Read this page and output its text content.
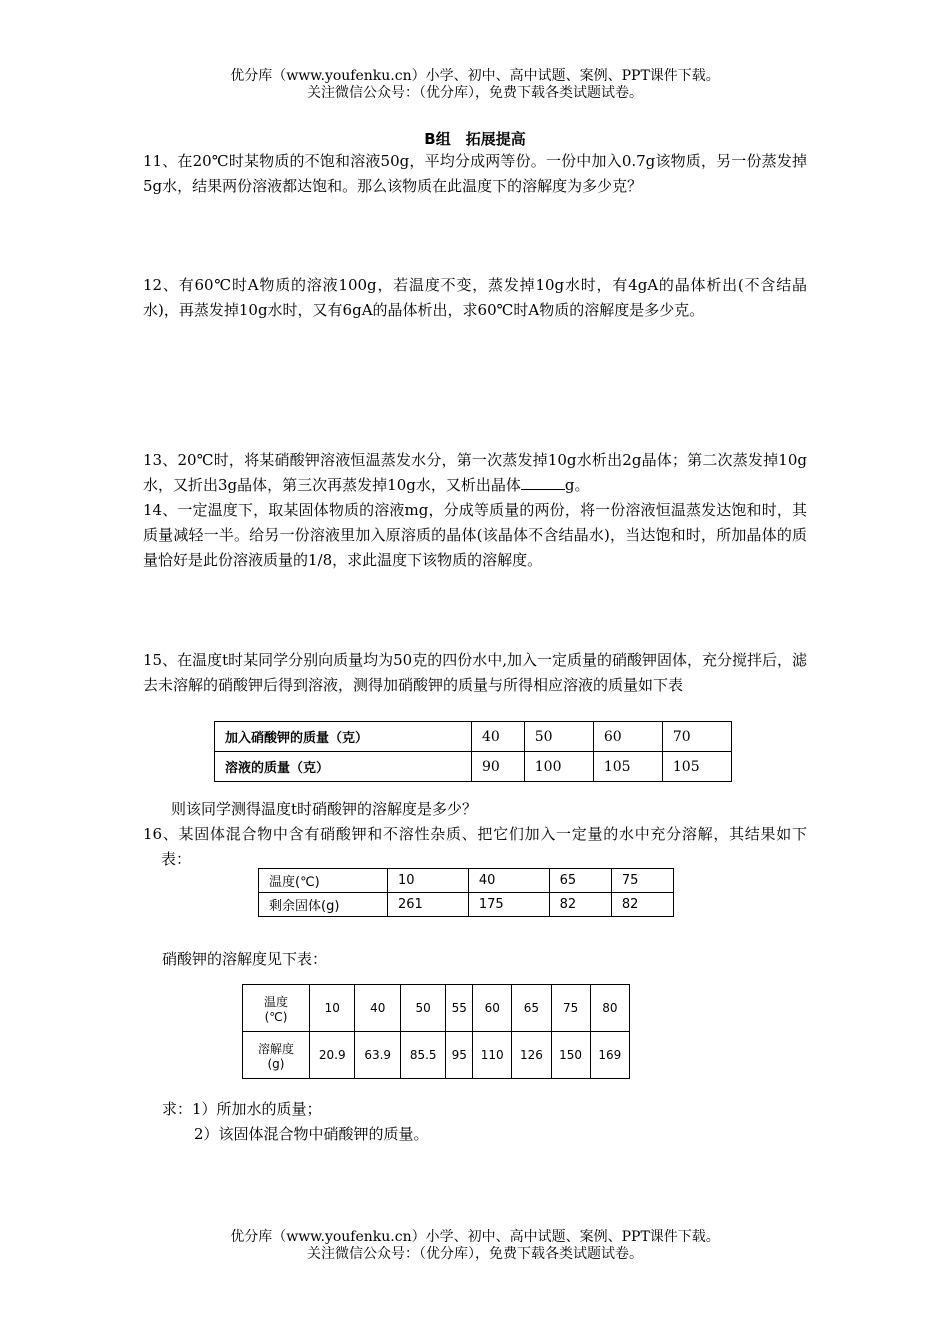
优分库（www.youfenku.cn）小学、初中、高中试题、案例、PPT课件下载。
关注微信公众号：（优分库），免费下载各类试题试卷。
B组　拓展提高
11、在20℃时某物质的不饱和溶液50g，平均分成两等份。一份中加入0.7g该物质，另一份蒸发掉5g水，结果两份溶液都达饱和。那么该物质在此温度下的溶解度为多少克？
12、有60℃时A物质的溶液100g，若温度不变，蒸发掉10g水时，有4gA的晶体析出(不含结晶水)，再蒸发掉10g水时，又有6gA的晶体析出，求60℃时A物质的溶解度是多少克。
13、20℃时，将某硝酸钾溶液恒温蒸发水分，第一次蒸发掉10g水析出2g晶体；第二次蒸发掉10g水，又折出3g晶体，第三次再蒸发掉10g水，又析出晶体	g。
14、一定温度下，取某固体物质的溶液mg，分成等质量的两份，将一份溶液恒温蒸发达饱和时，其质量减轻一半。给另一份溶液里加入原溶质的晶体(该晶体不含结晶水)，当达饱和时，所加晶体的质量恰好是此份溶液质量的1/8，求此温度下该物质的溶解度。
15、在温度t时某同学分别向质量均为50克的四份水中,加入一定质量的硝酸钾固体，充分搅拌后，滤去未溶解的硝酸钾后得到溶液，测得加硝酸钾的质量与所得相应溶液的质量如下表
加入硝酸钾的质量（克）	40	50	60	70
溶液的质量（克）	90	100	105	105
则该同学测得温度t时硝酸钾的溶解度是多少？
16、某固体混合物中含有硝酸钾和不溶性杂质、把它们加入一定量的水中充分溶解，其结果如下表：
温度(℃)	10	40	65	75
剩余固体(g)	261	175	82	82
硝酸钾的溶解度见下表：
温度
(℃)	10	40	50	55	60	65	75	80

溶解度
(g)	20.9	63.9	85.5	95	110	126	150	169
求：1）所加水的质量；
2）该固体混合物中硝酸钾的质量。
优分库（www.youfenku.cn）小学、初中、高中试题、案例、PPT课件下载。
关注微信公众号：（优分库），免费下载各类试题试卷。
